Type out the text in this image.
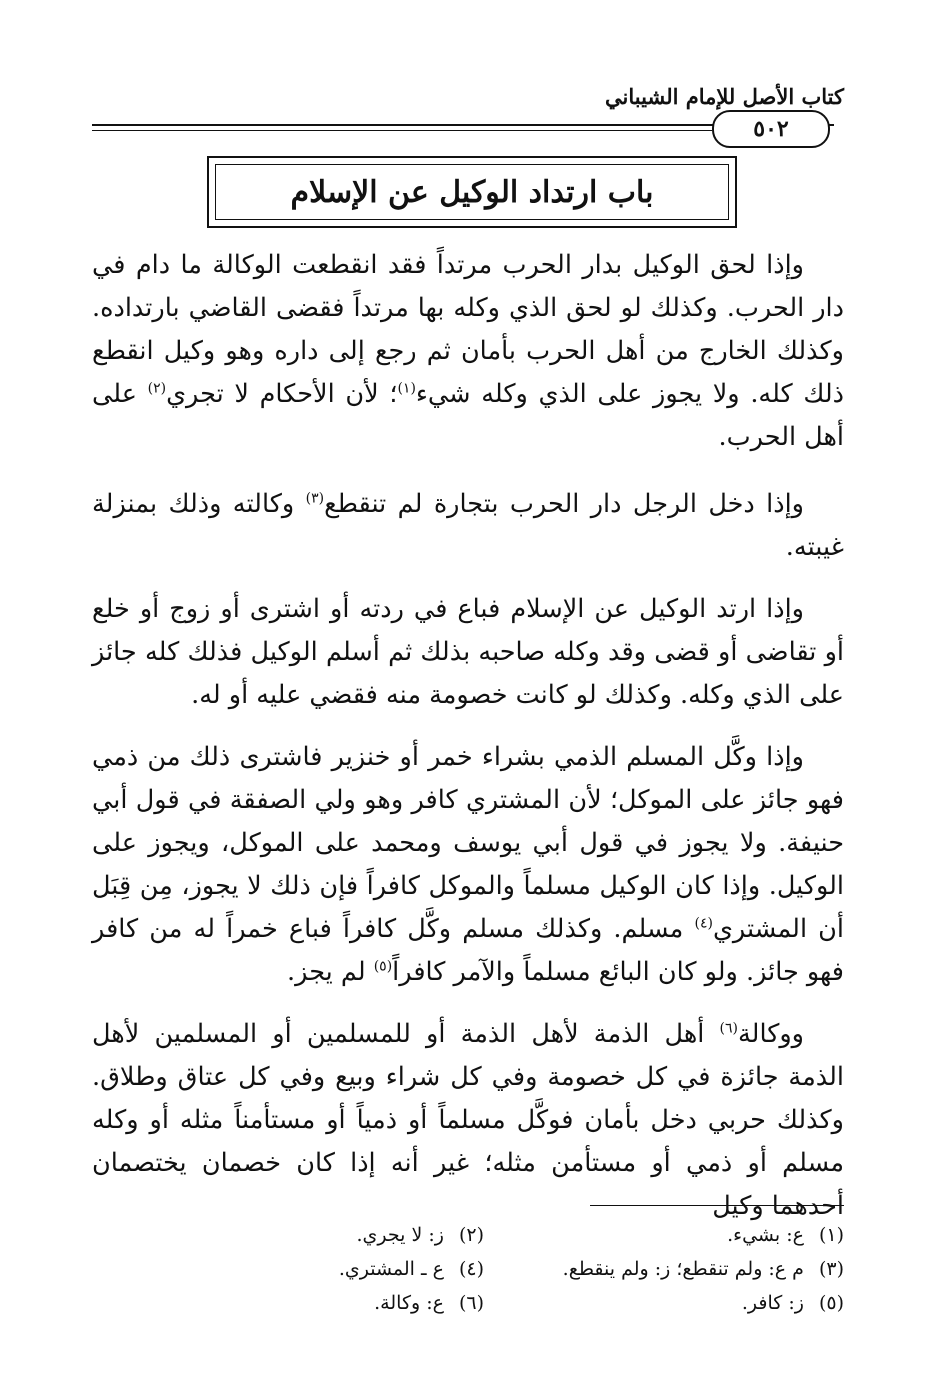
كتاب الأصل للإمام الشيباني
٥٠٢
باب ارتداد الوكيل عن الإسلام

وإذا لحق الوكيل بدار الحرب مرتداً فقد انقطعت الوكالة ما دام في دار الحرب. وكذلك لو لحق الذي وكله بها مرتداً فقضى القاضي بارتداده. وكذلك الخارج من أهل الحرب بأمان ثم رجع إلى داره وهو وكيل انقطع ذلك كله. ولا يجوز على الذي وكله شيء$^{(١)}$؛ لأن الأحكام لا تجري$^{(٢)}$ على أهل الحرب.

وإذا دخل الرجل دار الحرب بتجارة لم تنقطع$^{(٣)}$ وكالته وذلك بمنزلة غيبته.

وإذا ارتد الوكيل عن الإسلام فباع في ردته أو اشترى أو زوج أو خلع أو تقاضى أو قضى وقد وكله صاحبه بذلك ثم أسلم الوكيل فذلك كله جائز على الذي وكله. وكذلك لو كانت خصومة منه فقضي عليه أو له.

وإذا وكَّل المسلم الذمي بشراء خمر أو خنزير فاشترى ذلك من ذمي فهو جائز على الموكل؛ لأن المشتري كافر وهو ولي الصفقة في قول أبي حنيفة. ولا يجوز في قول أبي يوسف ومحمد على الموكل، ويجوز على الوكيل. وإذا كان الوكيل مسلماً والموكل كافراً فإن ذلك لا يجوز، مِن قِبَل أن المشتري$^{(٤)}$ مسلم. وكذلك مسلم وكَّل كافراً فباع خمراً له من كافر فهو جائز. ولو كان البائع مسلماً والآمر كافراً$^{(٥)}$ لم يجز.

ووكالة$^{(٦)}$ أهل الذمة لأهل الذمة أو للمسلمين أو المسلمين لأهل الذمة جائزة في كل خصومة وفي كل شراء وبيع وفي كل عتاق وطلاق. وكذلك حربي دخل بأمان فوكَّل مسلماً أو ذمياً أو مستأمناً مثله أو وكله مسلم أو ذمي أو مستأمن مثله؛ غير أنه إذا كان خصمان يختصمان أحدهما وكيل

(١) ع: بشيء.
(٢) ز: لا يجري.
(٣) م ع: ولم تنقطع؛ ز: ولم ينقطع.
(٤) ع ـ المشتري.
(٥) ز: كافر.
(٦) ع: وكالة.
